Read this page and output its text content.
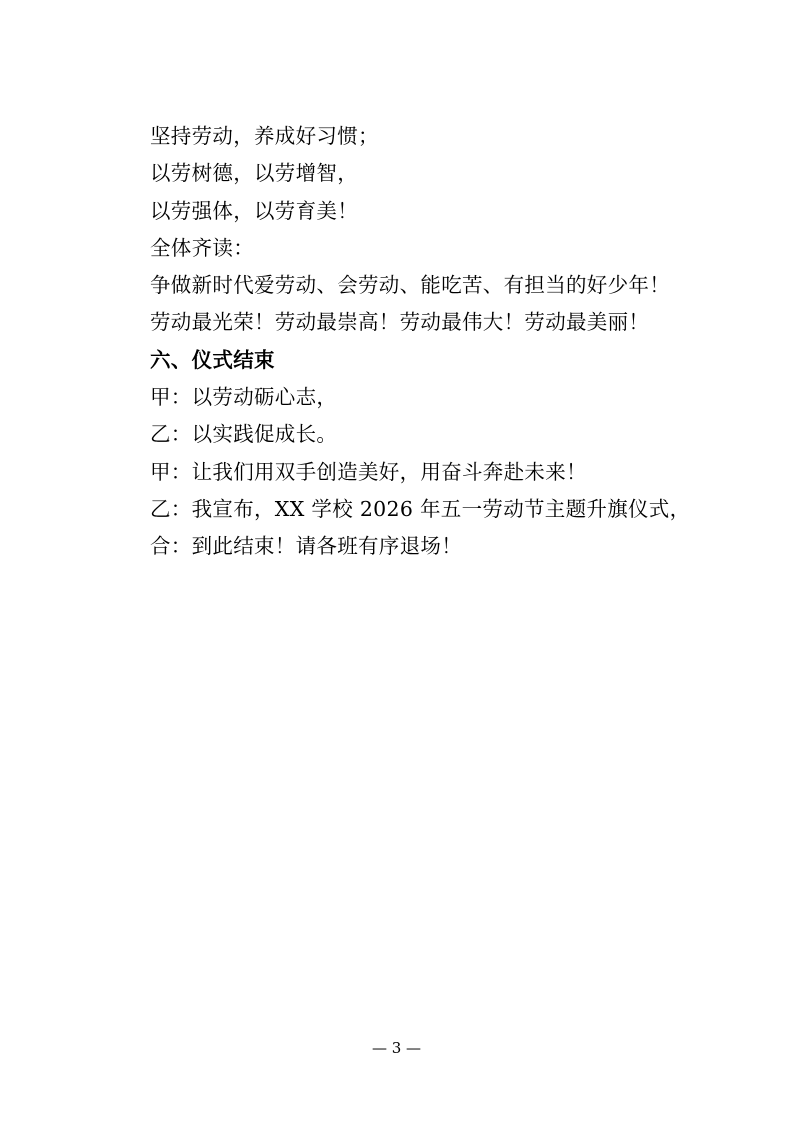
坚持劳动，养成好习惯；
以劳树德，以劳增智，
以劳强体，以劳育美！
全体齐读：
争做新时代爱劳动、会劳动、能吃苦、有担当的好少年！
劳动最光荣！劳动最崇高！劳动最伟大！劳动最美丽！
六、仪式结束
甲：以劳动砺心志，
乙：以实践促成长。
甲：让我们用双手创造美好，用奋斗奔赴未来！
乙：我宣布，XX 学校 2026 年五一劳动节主题升旗仪式，
合：到此结束！请各班有序退场！
— 3 —
